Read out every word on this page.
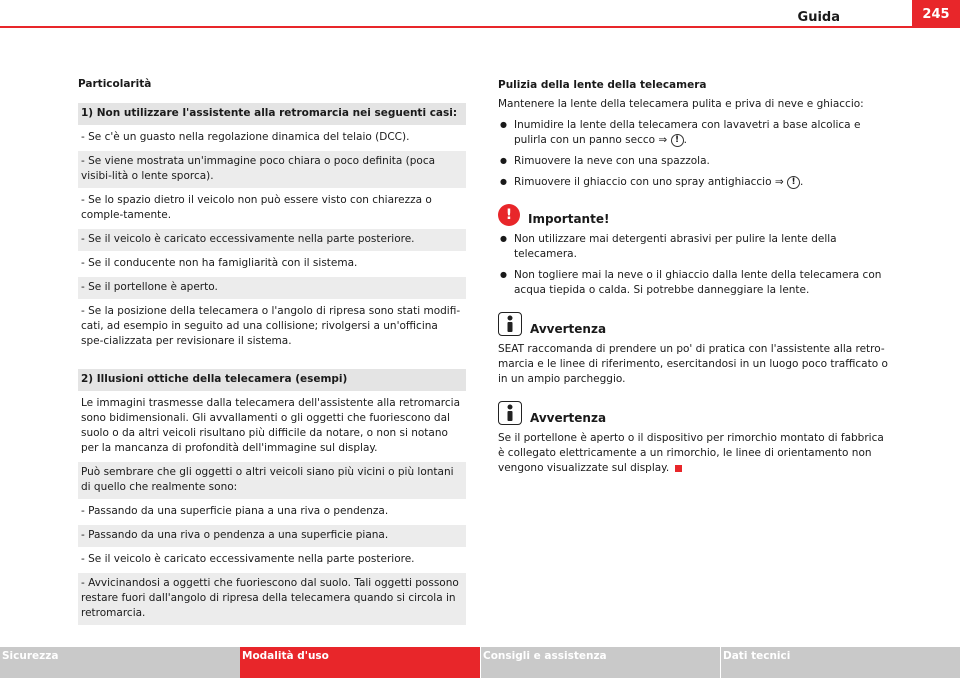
245
Guida
Particolarità
1) Non utilizzare l'assistente alla retromarcia nei seguenti casi:
- Se c'è un guasto nella regolazione dinamica del telaio (DCC).
- Se viene mostrata un'immagine poco chiara o poco definita (poca visibi-lità o lente sporca).
- Se lo spazio dietro il veicolo non può essere visto con chiarezza o comple-tamente.
- Se il veicolo è caricato eccessivamente nella parte posteriore.
- Se il conducente non ha famigliarità con il sistema.
- Se il portellone è aperto.
- Se la posizione della telecamera o l'angolo di ripresa sono stati modifi-cati, ad esempio in seguito ad una collisione; rivolgersi a un'officina spe-cializzata per revisionare il sistema.
2) Illusioni ottiche della telecamera (esempi)
Le immagini trasmesse dalla telecamera dell'assistente alla retromarcia sono bidimensionali. Gli avvallamenti o gli oggetti che fuoriescono dal suolo o da altri veicoli risultano più difficile da notare, o non si notano per la mancanza di profondità dell'immagine sul display.
Può sembrare che gli oggetti o altri veicoli siano più vicini o più lontani di quello che realmente sono:
- Passando da una superficie piana a una riva o pendenza.
- Passando da una riva o pendenza a una superficie piana.
- Se il veicolo è caricato eccessivamente nella parte posteriore.
- Avvicinandosi a oggetti che fuoriescono dal suolo. Tali oggetti possono restare fuori dall'angolo di ripresa della telecamera quando si circola in retromarcia.
Pulizia della lente della telecamera
Mantenere la lente della telecamera pulita e priva di neve e ghiaccio:
● Inumidire la lente della telecamera con lavavetri a base alcolica e pulirla con un panno secco ⇒ ! .
● Rimuovere la neve con una spazzola.
● Rimuovere il ghiaccio con uno spray antighiaccio ⇒ ! .
!	Importante!
● Non utilizzare mai detergenti abrasivi per pulire la lente della telecamera.
● Non togliere mai la neve o il ghiaccio dalla lente della telecamera con acqua tiepida o calda. Si potrebbe danneggiare la lente.
Avvertenza
SEAT raccomanda di prendere un po' di pratica con l'assistente alla retro-marcia e le linee di riferimento, esercitandosi in un luogo poco trafficato o in un ampio parcheggio.
Avvertenza
Se il portellone è aperto o il dispositivo per rimorchio montato di fabbrica è collegato elettricamente a un rimorchio, le linee di orientamento non vengono visualizzate sul display.
Sicurezza	Modalità d'uso	Consigli e assistenza	Dati tecnici
